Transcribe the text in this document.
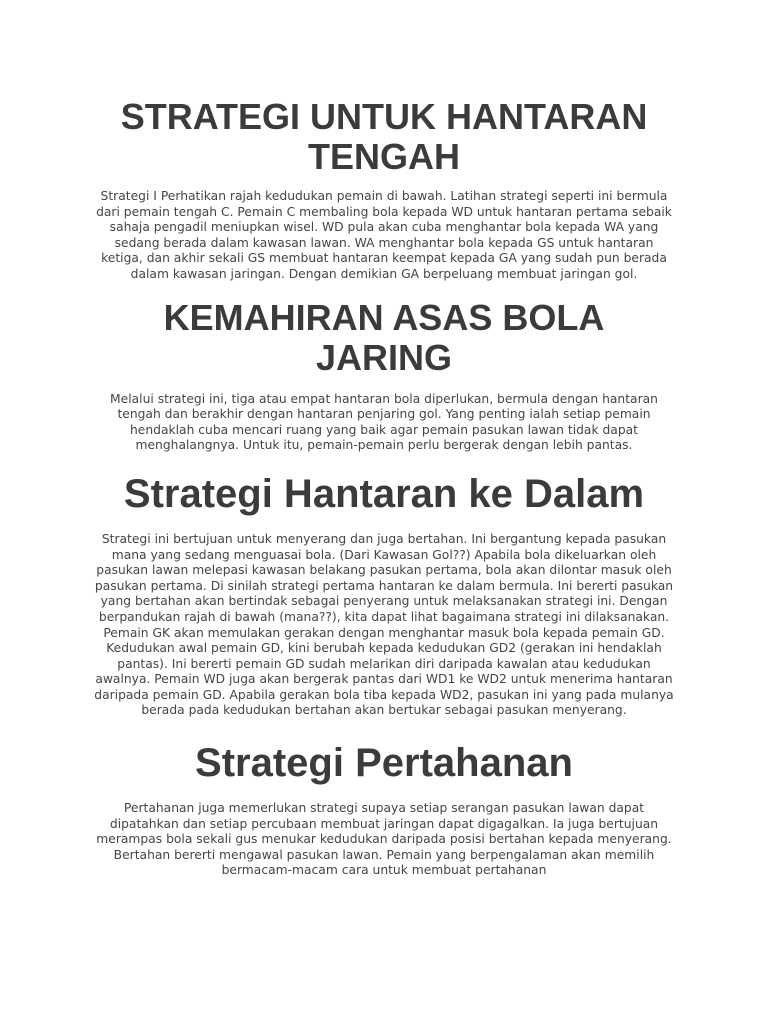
STRATEGI UNTUK HANTARAN TENGAH

Strategi I Perhatikan rajah kedudukan pemain di bawah. Latihan strategi seperti ini bermula dari pemain tengah C. Pemain C membaling bola kepada WD untuk hantaran pertama sebaik sahaja pengadil meniupkan wisel. WD pula akan cuba menghantar bola kepada WA yang sedang berada dalam kawasan lawan. WA menghantar bola kepada GS untuk hantaran ketiga, dan akhir sekali GS membuat hantaran keempat kepada GA yang sudah pun berada dalam kawasan jaringan. Dengan demikian GA berpeluang membuat jaringan gol.

KEMAHIRAN ASAS BOLA JARING

Melalui strategi ini, tiga atau empat hantaran bola diperlukan, bermula dengan hantaran tengah dan berakhir dengan hantaran penjaring gol. Yang penting ialah setiap pemain hendaklah cuba mencari ruang yang baik agar pemain pasukan lawan tidak dapat menghalangnya. Untuk itu, pemain-pemain perlu bergerak dengan lebih pantas.

Strategi Hantaran ke Dalam

Strategi ini bertujuan untuk menyerang dan juga bertahan. Ini bergantung kepada pasukan mana yang sedang menguasai bola. (Dari Kawasan Gol??) Apabila bola dikeluarkan oleh pasukan lawan melepasi kawasan belakang pasukan pertama, bola akan dilontar masuk oleh pasukan pertama. Di sinilah strategi pertama hantaran ke dalam bermula. Ini bererti pasukan yang bertahan akan bertindak sebagai penyerang untuk melaksanakan strategi ini. Dengan berpandukan rajah di bawah (mana??), kita dapat lihat bagaimana strategi ini dilaksanakan. Pemain GK akan memulakan gerakan dengan menghantar masuk bola kepada pemain GD. Kedudukan awal pemain GD, kini berubah kepada kedudukan GD2 (gerakan ini hendaklah pantas). Ini bererti pemain GD sudah melarikan diri daripada kawalan atau kedudukan awalnya. Pemain WD juga akan bergerak pantas dari WD1 ke WD2 untuk menerima hantaran daripada pemain GD. Apabila gerakan bola tiba kepada WD2, pasukan ini yang pada mulanya berada pada kedudukan bertahan akan bertukar sebagai pasukan menyerang.

Strategi Pertahanan

Pertahanan juga memerlukan strategi supaya setiap serangan pasukan lawan dapat dipatahkan dan setiap percubaan membuat jaringan dapat digagalkan. Ia juga bertujuan merampas bola sekali gus menukar kedudukan daripada posisi bertahan kepada menyerang. Bertahan bererti mengawal pasukan lawan. Pemain yang berpengalaman akan memilih bermacam-macam cara untuk membuat pertahanan
